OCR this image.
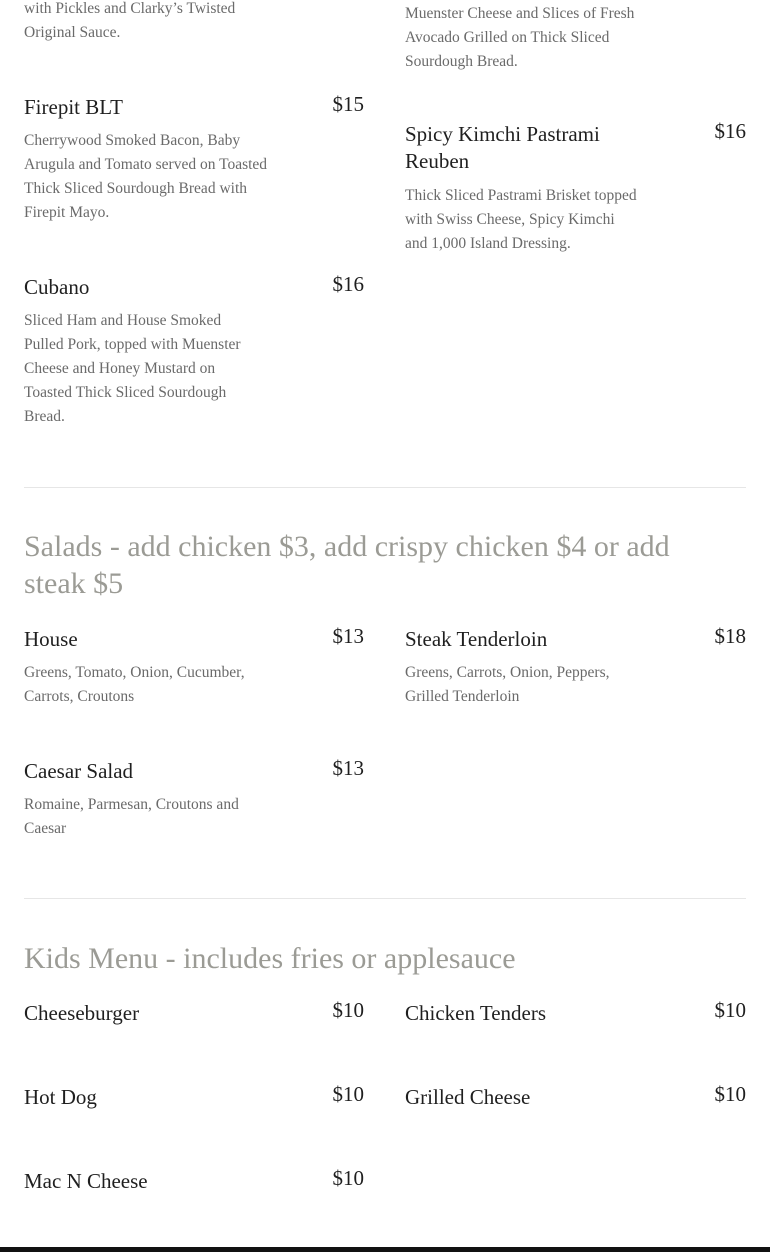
with Pickles and Clarky’s Twisted Original Sauce.
Muenster Cheese and Slices of Fresh Avocado Grilled on Thick Sliced Sourdough Bread.
Firepit BLT	$15
Cherrywood Smoked Bacon, Baby Arugula and Tomato served on Toasted Thick Sliced Sourdough Bread with Firepit Mayo.
Spicy Kimchi Pastrami Reuben
$16
Thick Sliced Pastrami Brisket topped with Swiss Cheese, Spicy Kimchi and 1,000 Island Dressing.
Cubano	$16
Sliced Ham and House Smoked Pulled Pork, topped with Muenster Cheese and Honey Mustard on Toasted Thick Sliced Sourdough Bread.
Salads - add chicken $3, add crispy chicken $4 or add steak $5
House	$13
Greens, Tomato, Onion, Cucumber, Carrots, Croutons
Steak Tenderloin	$18
Greens, Carrots, Onion, Peppers, Grilled Tenderloin
Caesar Salad	$13
Romaine, Parmesan, Croutons and Caesar
Kids Menu - includes fries or applesauce
Cheeseburger	$10 Chicken Tenders	$10
Hot Dog	$10 Grilled Cheese	$10
Mac N Cheese	$10
